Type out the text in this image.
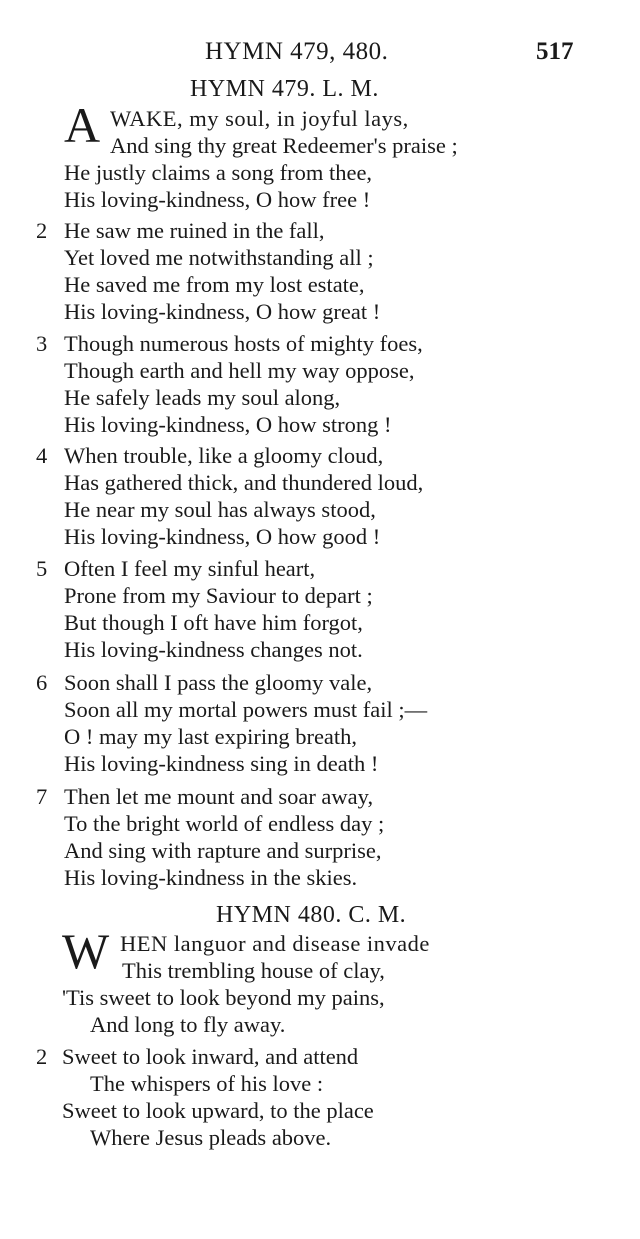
HYMN 479, 480.	517
HYMN 479. L. M.
A WAKE, my soul, in joyful lays,
And sing thy great Redeemer's praise ;
He justly claims a song from thee,
His loving-kindness, O how free !
2 He saw me ruined in the fall,
Yet loved me notwithstanding all ;
He saved me from my lost estate,
His loving-kindness, O how great !
3 Though numerous hosts of mighty foes,
Though earth and hell my way oppose,
He safely leads my soul along,
His loving-kindness, O how strong !
4 When trouble, like a gloomy cloud,
Has gathered thick, and thundered loud,
He near my soul has always stood,
His loving-kindness, O how good !
5 Often I feel my sinful heart,
Prone from my Saviour to depart ;
But though I oft have him forgot,
His loving-kindness changes not.
6 Soon shall I pass the gloomy vale,
Soon all my mortal powers must fail ;—
O ! may my last expiring breath,
His loving-kindness sing in death !
7 Then let me mount and soar away,
To the bright world of endless day ;
And sing with rapture and surprise,
His loving-kindness in the skies.
HYMN 480. C. M.
W HEN languor and disease invade
This trembling house of clay,
'Tis sweet to look beyond my pains,
And long to fly away.
2 Sweet to look inward, and attend
The whispers of his love :
Sweet to look upward, to the place
Where Jesus pleads above.
